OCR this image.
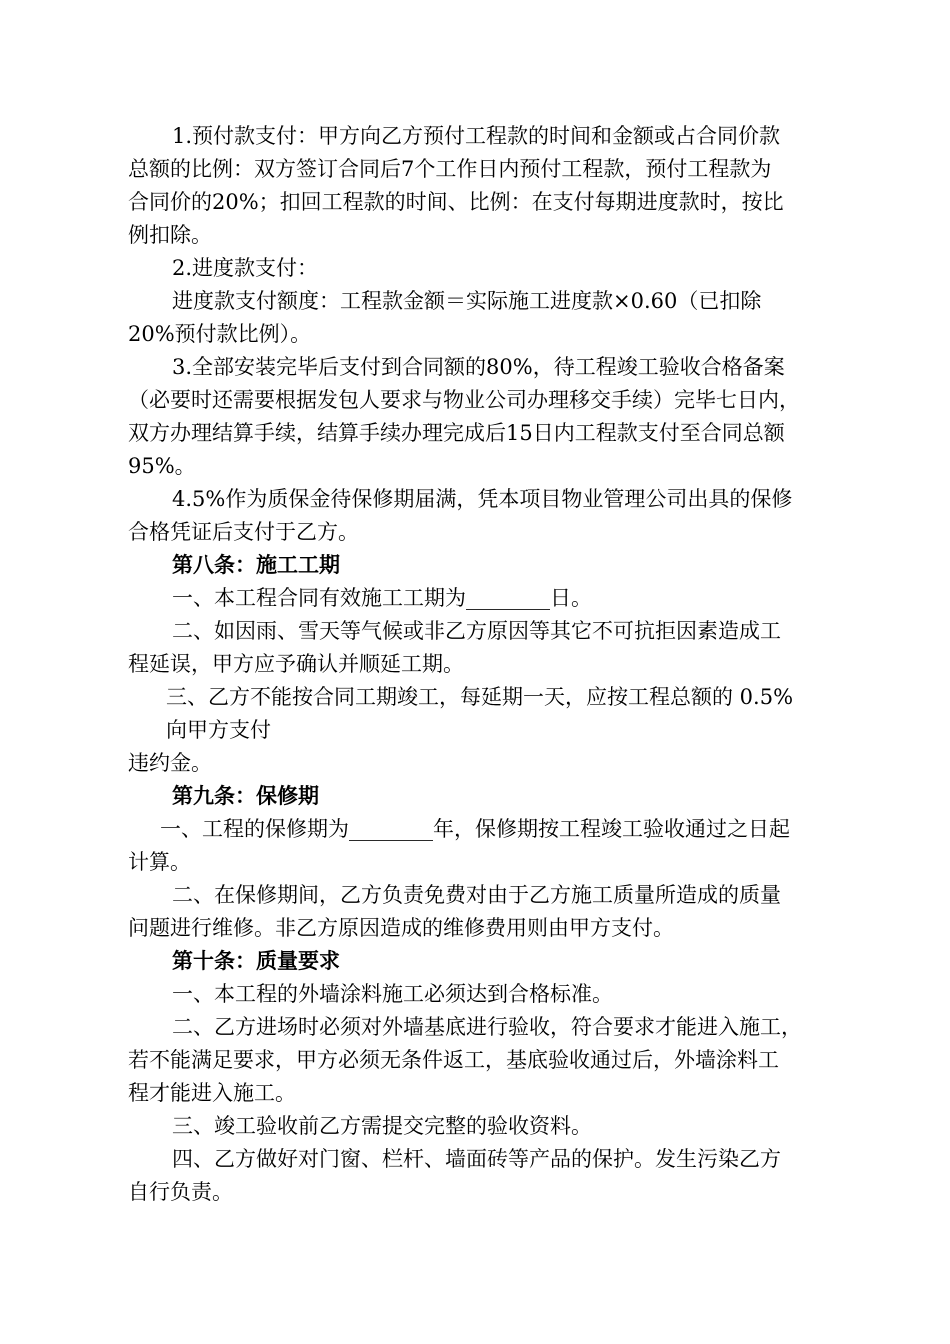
1.预付款支付：甲方向乙方预付工程款的时间和金额或占合同价款
总额的比例：双方签订合同后7个工作日内预付工程款，预付工程款为
合同价的20%；扣回工程款的时间、比例：在支付每期进度款时，按比
例扣除。
2.进度款支付：
进度款支付额度：工程款金额＝实际施工进度款×0.60（已扣除
20%预付款比例）。
3.全部安装完毕后支付到合同额的80%，待工程竣工验收合格备案
（必要时还需要根据发包人要求与物业公司办理移交手续）完毕七日内，
双方办理结算手续，结算手续办理完成后15日内工程款支付至合同总额
95%。
4.5%作为质保金待保修期届满，凭本项目物业管理公司出具的保修
合格凭证后支付于乙方。
第八条：施工工期
一、本工程合同有效施工工期为________日。
二、如因雨、雪天等气候或非乙方原因等其它不可抗拒因素造成工
程延误，甲方应予确认并顺延工期。
三、乙方不能按合同工期竣工，每延期一天，应按工程总额的 0.5%
向甲方支付
违约金。
第九条：保修期
一、工程的保修期为________年，保修期按工程竣工验收通过之日起
计算。
二、在保修期间，乙方负责免费对由于乙方施工质量所造成的质量
问题进行维修。非乙方原因造成的维修费用则由甲方支付。
第十条：质量要求
一、本工程的外墙涂料施工必须达到合格标准。
二、乙方进场时必须对外墙基底进行验收，符合要求才能进入施工，
若不能满足要求，甲方必须无条件返工，基底验收通过后，外墙涂料工
程才能进入施工。
三、竣工验收前乙方需提交完整的验收资料。
四、乙方做好对门窗、栏杆、墙面砖等产品的保护。发生污染乙方
自行负责。
